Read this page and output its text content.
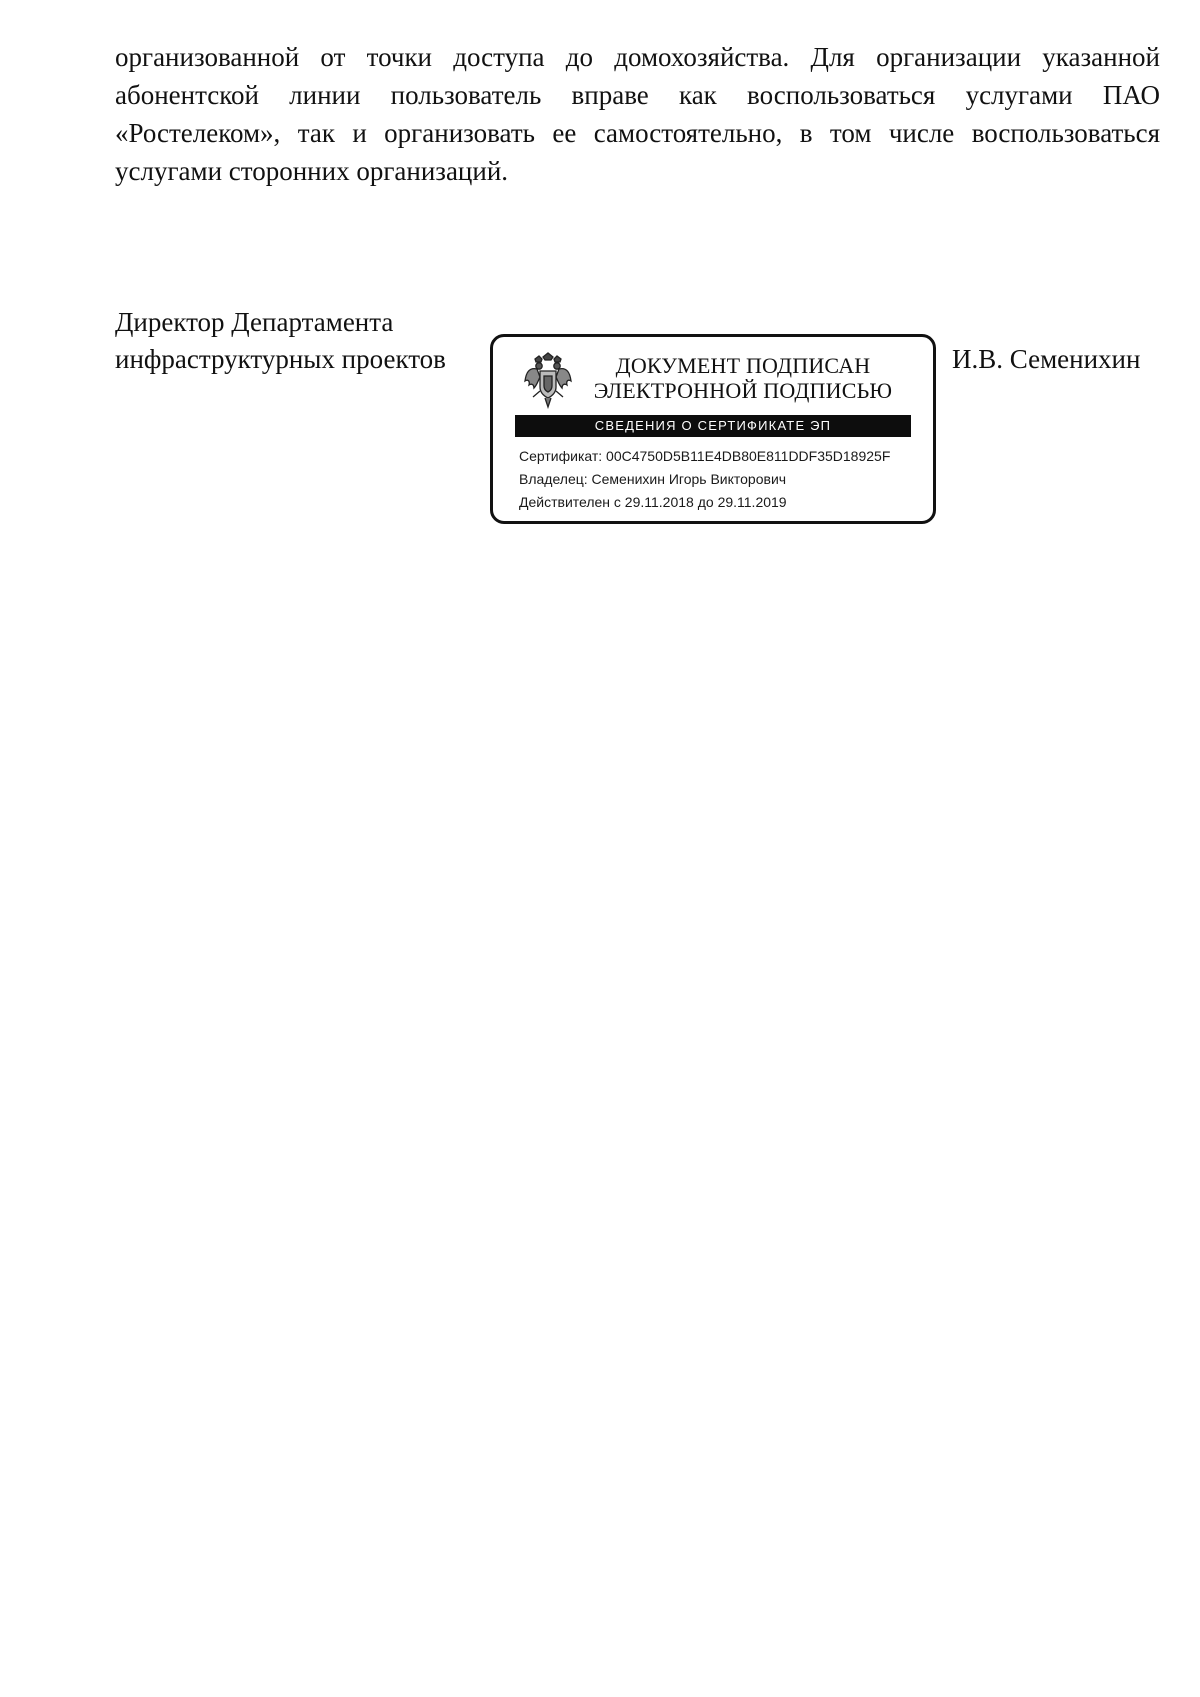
организованной от точки доступа до домохозяйства. Для организации указанной абонентской линии пользователь вправе как воспользоваться услугами ПАО «Ростелеком», так и организовать ее самостоятельно, в том числе воспользоваться услугами сторонних организаций.

Директор Департамента
инфраструктурных проектов	ДОКУМЕНТ ПОДПИСАН
ЭЛЕКТРОННОЙ ПОДПИСЬЮ
СВЕДЕНИЯ О СЕРТИФИКАТЕ ЭП
Сертификат: 00C4750D5B11E4DB80E811DDF35D18925F
Владелец: Семенихин Игорь Викторович
Действителен с 29.11.2018 до 29.11.2019
И.В. Семенихин
